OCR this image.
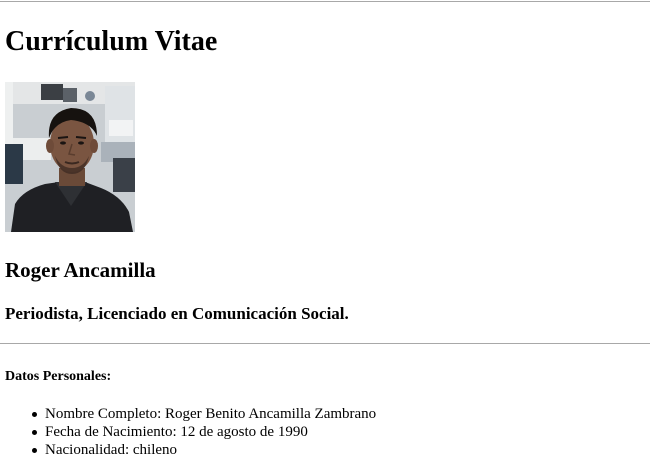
Currículum Vitae
Roger Ancamilla
Periodista, Licenciado en Comunicación Social.
Datos Personales:
Nombre Completo: Roger Benito Ancamilla Zambrano
Fecha de Nacimiento: 12 de agosto de 1990
Nacionalidad: chileno
